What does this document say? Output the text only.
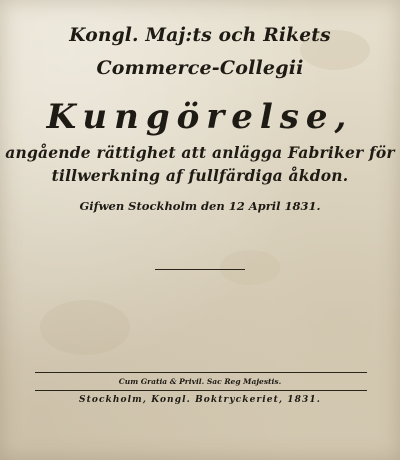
Kongl. Maj:ts och Rikets
Commerce-Collegii
Kungörelse,
angående rättighet att anlägga Fabriker för
tillwerkning af fullfärdiga åkdon.
Gifwen Stockholm den 12 April 1831.
Cum Gratia & Privil. Sac Reg Majestis.
Stockholm, Kongl. Boktryckeriet, 1831.
